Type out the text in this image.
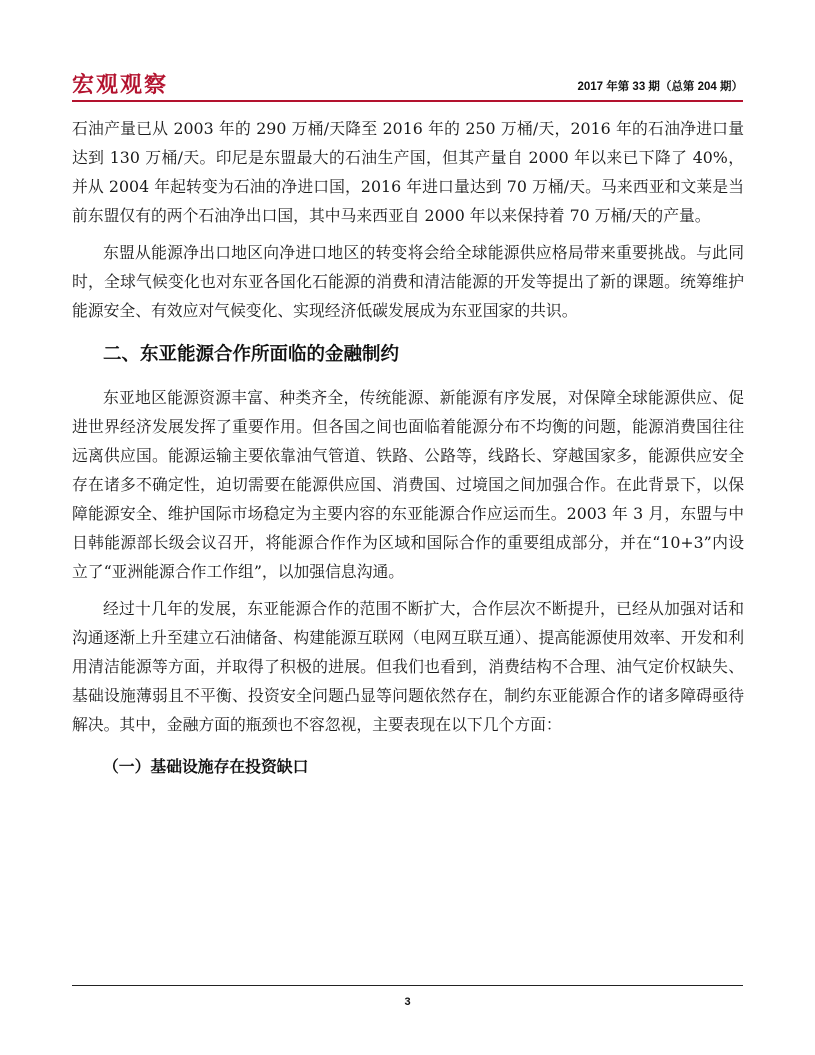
宏观观察	2017 年第 33 期（总第 204 期）

石油产量已从 2003 年的 290 万桶/天降至 2016 年的 250 万桶/天，2016 年的石油净进口量达到 130 万桶/天。印尼是东盟最大的石油生产国，但其产量自 2000 年以来已下降了 40%，并从 2004 年起转变为石油的净进口国，2016 年进口量达到 70 万桶/天。马来西亚和文莱是当前东盟仅有的两个石油净出口国，其中马来西亚自 2000 年以来保持着 70 万桶/天的产量。

东盟从能源净出口地区向净进口地区的转变将会给全球能源供应格局带来重要挑战。与此同时，全球气候变化也对东亚各国化石能源的消费和清洁能源的开发等提出了新的课题。统筹维护能源安全、有效应对气候变化、实现经济低碳发展成为东亚国家的共识。

二、东亚能源合作所面临的金融制约

东亚地区能源资源丰富、种类齐全，传统能源、新能源有序发展，对保障全球能源供应、促进世界经济发展发挥了重要作用。但各国之间也面临着能源分布不均衡的问题，能源消费国往往远离供应国。能源运输主要依靠油气管道、铁路、公路等，线路长、穿越国家多，能源供应安全存在诸多不确定性，迫切需要在能源供应国、消费国、过境国之间加强合作。在此背景下，以保障能源安全、维护国际市场稳定为主要内容的东亚能源合作应运而生。2003 年 3 月，东盟与中日韩能源部长级会议召开，将能源合作作为区域和国际合作的重要组成部分，并在“10+3”内设立了“亚洲能源合作工作组”，以加强信息沟通。

经过十几年的发展，东亚能源合作的范围不断扩大，合作层次不断提升，已经从加强对话和沟通逐渐上升至建立石油储备、构建能源互联网（电网互联互通）、提高能源使用效率、开发和利用清洁能源等方面，并取得了积极的进展。但我们也看到，消费结构不合理、油气定价权缺失、基础设施薄弱且不平衡、投资安全问题凸显等问题依然存在，制约东亚能源合作的诸多障碍亟待解决。其中，金融方面的瓶颈也不容忽视，主要表现在以下几个方面：

（一）基础设施存在投资缺口
3
